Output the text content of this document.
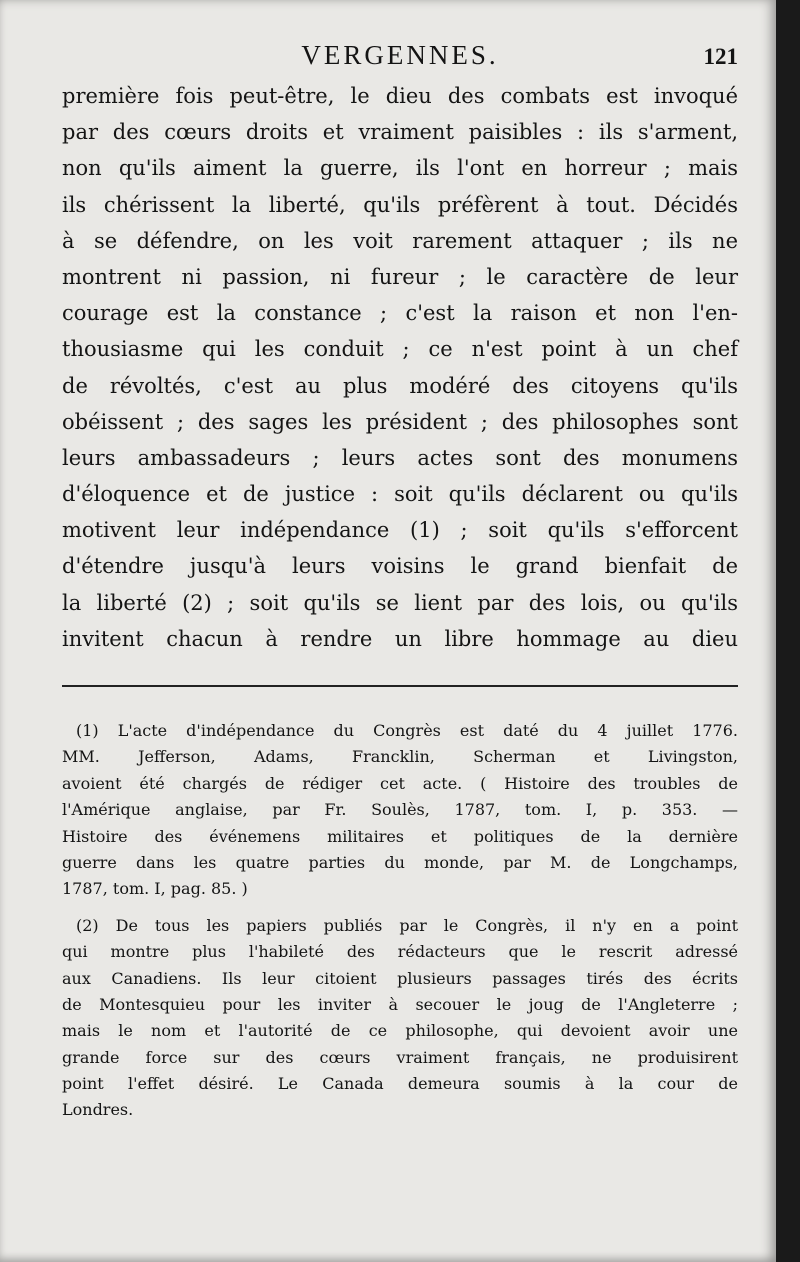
VERGENNES.	121
première fois peut-être, le dieu des combats est invoqué
par des cœurs droits et vraiment paisibles : ils s'arment,
non qu'ils aiment la guerre, ils l'ont en horreur ; mais
ils chérissent la liberté, qu'ils préfèrent à tout. Décidés
à se défendre, on les voit rarement attaquer ; ils ne
montrent ni passion, ni fureur ; le caractère de leur
courage est la constance ; c'est la raison et non l'en-
thousiasme qui les conduit ; ce n'est point à un chef
de révoltés, c'est au plus modéré des citoyens qu'ils
obéissent ; des sages les président ; des philosophes sont
leurs ambassadeurs ; leurs actes sont des monumens
d'éloquence et de justice : soit qu'ils déclarent ou qu'ils
motivent leur indépendance (1) ; soit qu'ils s'efforcent
d'étendre jusqu'à leurs voisins le grand bienfait de
la liberté (2) ; soit qu'ils se lient par des lois, ou qu'ils
invitent chacun à rendre un libre hommage au dieu
(1) L'acte d'indépendance du Congrès est daté du 4 juillet 1776.
MM. Jefferson, Adams, Francklin, Scherman et Livingston,
avoient été chargés de rédiger cet acte. ( Histoire des troubles de
l'Amérique anglaise, par Fr. Soulès, 1787, tom. I, p. 353. —
Histoire des événemens militaires et politiques de la dernière
guerre dans les quatre parties du monde, par M. de Longchamps,
1787, tom. I, pag. 85. )
(2) De tous les papiers publiés par le Congrès, il n'y en a point
qui montre plus l'habileté des rédacteurs que le rescrit adressé
aux Canadiens. Ils leur citoient plusieurs passages tirés des écrits
de Montesquieu pour les inviter à secouer le joug de l'Angleterre ;
mais le nom et l'autorité de ce philosophe, qui devoient avoir une
grande force sur des cœurs vraiment français, ne produisirent
point l'effet désiré. Le Canada demeura soumis à la cour de
Londres.
